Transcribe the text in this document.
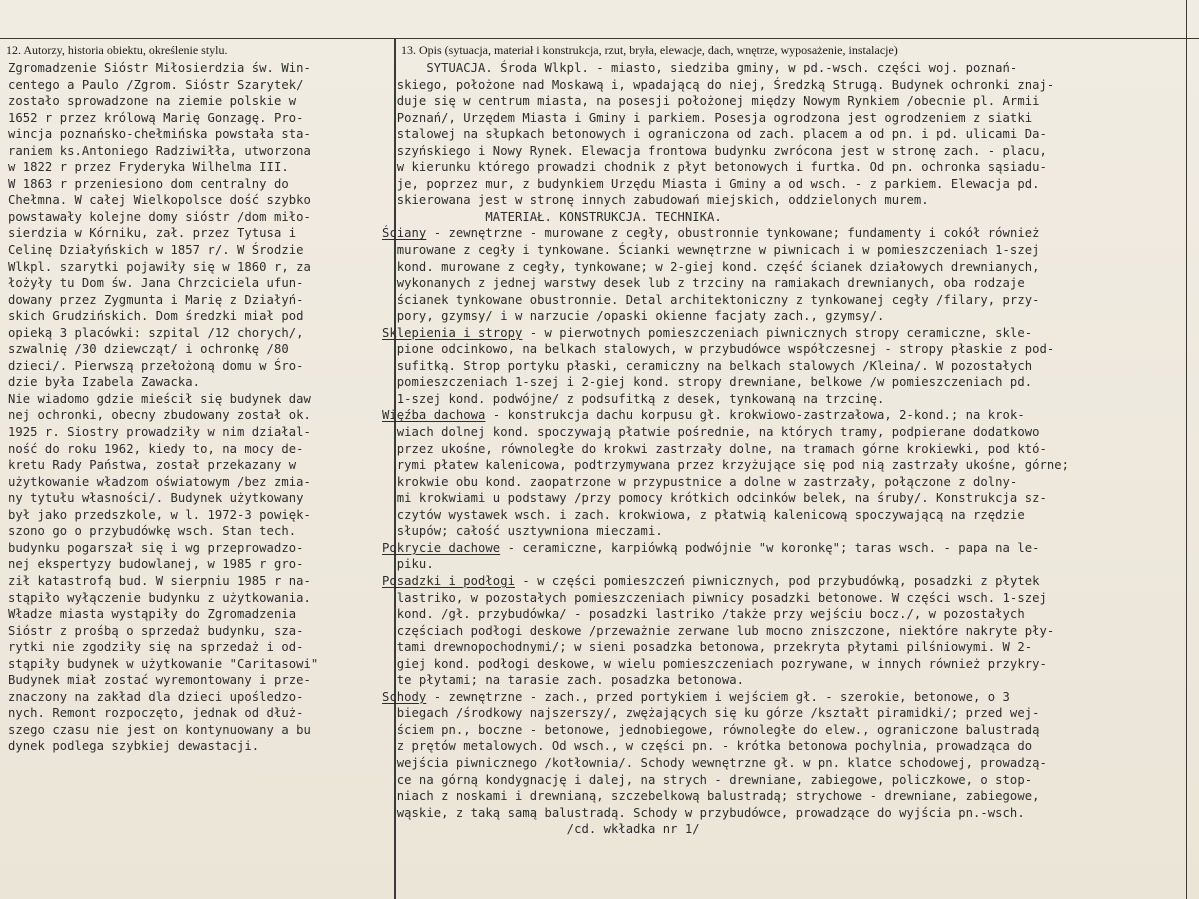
12. Autorzy, historia obiektu, określenie stylu.	13. Opis (sytuacja, materiał i konstrukcja, rzut, bryła, elewacje, dach, wnętrze, wyposażenie, instalacje)
Zgromadzenie Sióstr Miłosierdzia św. Win-
centego a Paulo /Zgrom. Sióstr Szarytek/
zostało sprowadzone na ziemie polskie w
1652 r przez królową Marię Gonzagę. Pro-
wincja poznańsko-chełmińska powstała sta-
raniem ks.Antoniego Radziwiłła, utworzona
w 1822 r przez Fryderyka Wilhelma III.
W 1863 r przeniesiono dom centralny do
Chełmna. W całej Wielkopolsce dość szybko
powstawały kolejne domy sióstr /dom miło-
sierdzia w Kórniku, zał. przez Tytusa i
Celinę Działyńskich w 1857 r/. W Środzie
Wlkpl. szarytki pojawiły się w 1860 r, za
łożyły tu Dom św. Jana Chrzciciela ufun-
dowany przez Zygmunta i Marię z Działyń-
skich Grudzińskich. Dom średzki miał pod
opieką 3 placówki: szpital /12 chorych/,
szwalnię /30 dziewcząt/ i ochronkę /80
dzieci/. Pierwszą przełożoną domu w Śro-
dzie była Izabela Zawacka.
Nie wiadomo gdzie mieścił się budynek daw
nej ochronki, obecny zbudowany został ok.
1925 r. Siostry prowadziły w nim działal-
ność do roku 1962, kiedy to, na mocy de-
kretu Rady Państwa, został przekazany w
użytkowanie władzom oświatowym /bez zmia-
ny tytułu własności/. Budynek użytkowany
był jako przedszkole, w l. 1972-3 powięk-
szono go o przybudówkę wsch. Stan tech.
budynku pogarszał się i wg przeprowadzo-
nej ekspertyzy budowlanej, w 1985 r gro-
ził katastrofą bud. W sierpniu 1985 r na-
stąpiło wyłączenie budynku z użytkowania.
Władze miasta wystąpiły do Zgromadzenia
Sióstr z prośbą o sprzedaż budynku, sza-
rytki nie zgodziły się na sprzedaż i od-
stąpiły budynek w użytkowanie "Caritasowi"
Budynek miał zostać wyremontowany i prze-
znaczony na zakład dla dzieci upośledzo-
nych. Remont rozpoczęto, jednak od dłuż-
szego czasu nie jest on kontynuowany a bu
dynek podlega szybkiej dewastacji.
SYTUACJA. Środa Wlkpl. - miasto, siedziba gminy, w pd.-wsch. części woj. poznań-
skiego, położone nad Moskawą i, wpadającą do niej, Średzką Strugą. Budynek ochronki znaj-
duje się w centrum miasta, na posesji położonej między Nowym Rynkiem /obecnie pl. Armii
Poznań/, Urzędem Miasta i Gminy i parkiem. Posesja ogrodzona jest ogrodzeniem z siatki
stalowej na słupkach betonowych i ograniczona od zach. placem a od pn. i pd. ulicami Da-
szyńskiego i Nowy Rynek. Elewacja frontowa budynku zwrócona jest w stronę zach. - placu,
w kierunku którego prowadzi chodnik z płyt betonowych i furtka. Od pn. ochronka sąsiadu-
je, poprzez mur, z budynkiem Urzędu Miasta i Gminy a od wsch. - z parkiem. Elewacja pd.
skierowana jest w stronę innych zabudowań miejskich, oddzielonych murem.
MATERIAŁ. KONSTRUKCJA. TECHNIKA.
Ściany - zewnętrzne - murowane z cegły, obustronnie tynkowane; fundamenty i cokół również
murowane z cegły i tynkowane. Ścianki wewnętrzne w piwnicach i w pomieszczeniach 1-szej
kond. murowane z cegły, tynkowane; w 2-giej kond. część ścianek działowych drewnianych,
wykonanych z jednej warstwy desek lub z trzciny na ramiakach drewnianych, oba rodzaje
ścianek tynkowane obustronnie. Detal architektoniczny z tynkowanej cegły /filary, przy-
pory, gzymsy/ i w narzucie /opaski okienne facjaty zach., gzymsy/.
Sklepienia i stropy - w pierwotnych pomieszczeniach piwnicznych stropy ceramiczne, skle-
pione odcinkowo, na belkach stalowych, w przybudówce współczesnej - stropy płaskie z pod-
sufitką. Strop portyku płaski, ceramiczny na belkach stalowych /Kleina/. W pozostałych
pomieszczeniach 1-szej i 2-giej kond. stropy drewniane, belkowe /w pomieszczeniach pd.
1-szej kond. podwójne/ z podsufitką z desek, tynkowaną na trzcinę.
Więźba dachowa - konstrukcja dachu korpusu gł. krokwiowo-zastrzałowa, 2-kond.; na krok-
wiach dolnej kond. spoczywają płatwie pośrednie, na których tramy, podpierane dodatkowo
przez ukośne, równoległe do krokwi zastrzały dolne, na tramach górne krokiewki, pod któ-
rymi płatew kalenicowa, podtrzymywana przez krzyżujące się pod nią zastrzały ukośne, górne;
krokwie obu kond. zaopatrzone w przypustnice a dolne w zastrzały, połączone z dolny-
mi krokwiami u podstawy /przy pomocy krótkich odcinków belek, na śruby/. Konstrukcja sz-
czytów wystawek wsch. i zach. krokwiowa, z płatwią kalenicową spoczywającą na rzędzie
słupów; całość usztywniona mieczami.
Pokrycie dachowe - ceramiczne, karpiówką podwójnie "w koronkę"; taras wsch. - papa na le-
piku.
Posadzki i podłogi - w części pomieszczeń piwnicznych, pod przybudówką, posadzki z płytek
lastriko, w pozostałych pomieszczeniach piwnicy posadzki betonowe. W części wsch. 1-szej
kond. /gł. przybudówka/ - posadzki lastriko /także przy wejściu bocz./, w pozostałych
częściach podłogi deskowe /przeważnie zerwane lub mocno zniszczone, niektóre nakryte pły-
tami drewnopochodnymi/; w sieni posadzka betonowa, przekryta płytami pilśniowymi. W 2-
giej kond. podłogi deskowe, w wielu pomieszczeniach pozrywane, w innych również przykry-
te płytami; na tarasie zach. posadzka betonowa.
Schody - zewnętrzne - zach., przed portykiem i wejściem gł. - szerokie, betonowe, o 3
biegach /środkowy najszerszy/, zwężających się ku górze /kształt piramidki/; przed wej-
ściem pn., boczne - betonowe, jednobiegowe, równoległe do elew., ograniczone balustradą
z prętów metalowych. Od wsch., w części pn. - krótka betonowa pochylnia, prowadząca do
wejścia piwnicznego /kotłownia/. Schody wewnętrzne gł. w pn. klatce schodowej, prowadzą-
ce na górną kondygnację i dalej, na strych - drewniane, zabiegowe, policzkowe, o stop-
niach z noskami i drewnianą, szczebelkową balustradą; strychowe - drewniane, zabiegowe,
wąskie, z taką samą balustradą. Schody w przybudówce, prowadzące do wyjścia pn.-wsch.
/cd. wkładka nr 1/
